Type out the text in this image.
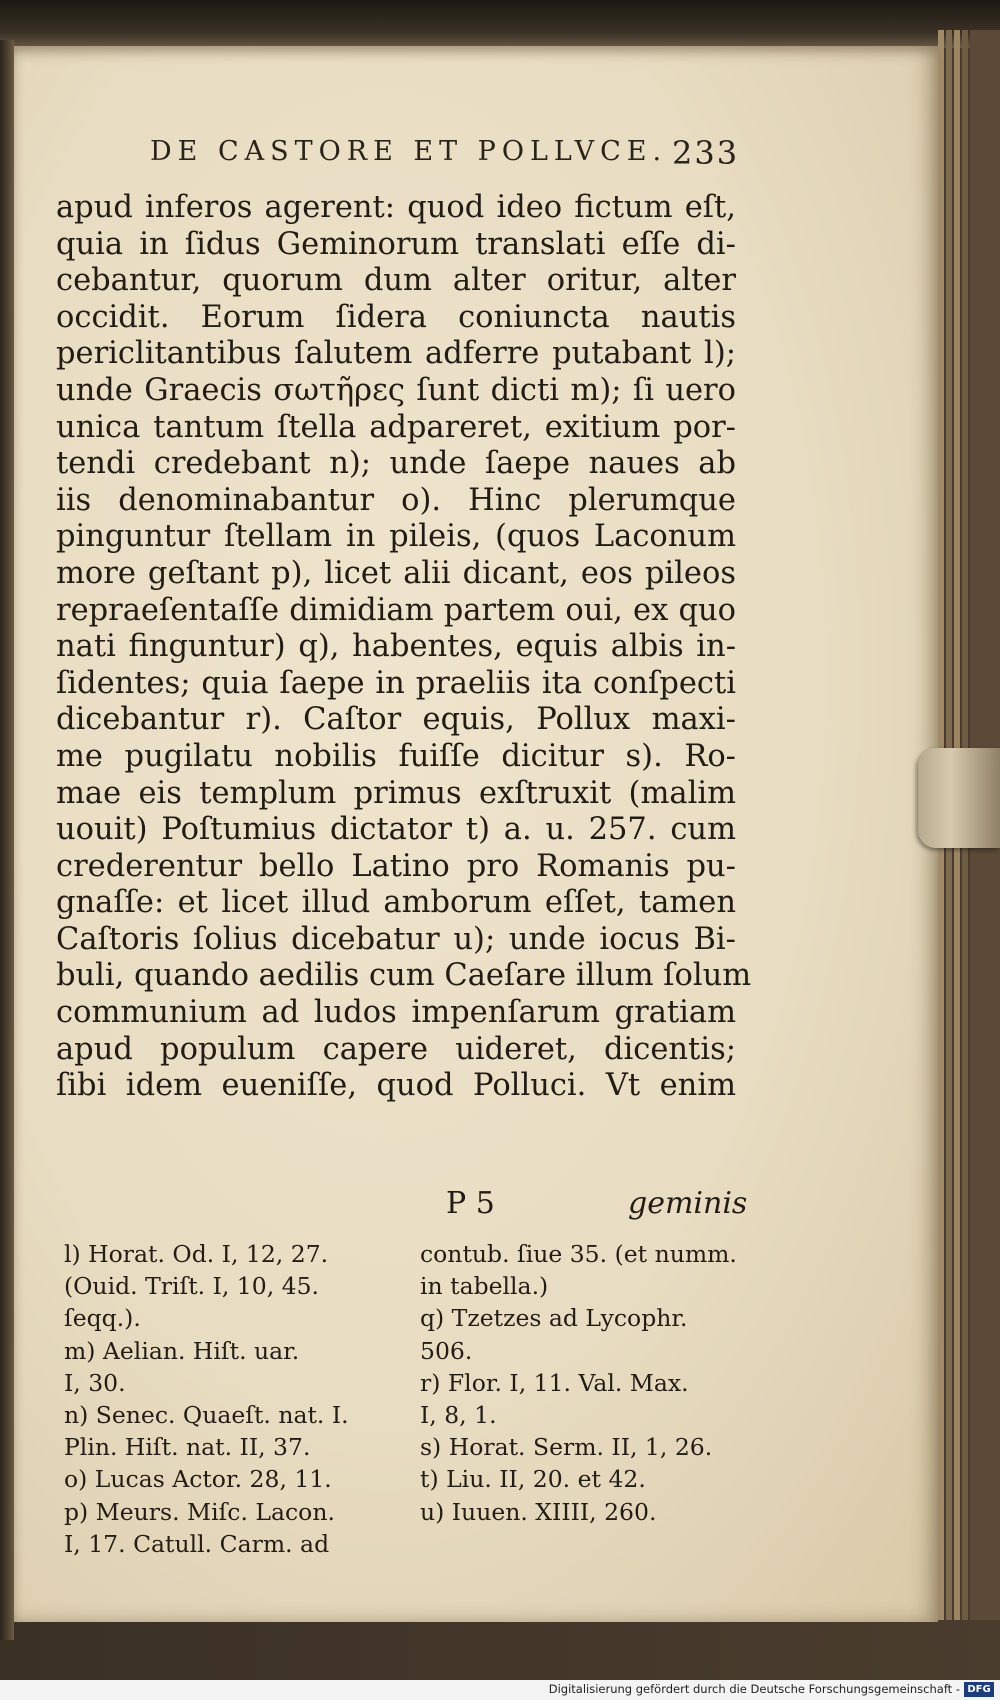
DE CASTORE ET POLLVCE. 233
apud inferos agerent: quod ideo fictum eſt,
quia in ſidus Geminorum translati eſſe di-
cebantur, quorum dum alter oritur, alter
occidit. Eorum ſidera coniuncta nautis
periclitantibus ſalutem adferre putabant l);
unde Graecis σωτῆρες ſunt dicti m); ſi uero
unica tantum ſtella adpareret, exitium por-
tendi credebant n); unde ſaepe naues ab
iis denominabantur o). Hinc plerumque
pinguntur ſtellam in pileis, (quos Laconum
more geſtant p), licet alii dicant, eos pileos
repraeſentaſſe dimidiam partem oui, ex quo
nati finguntur) q), habentes, equis albis in-
ſidentes; quia ſaepe in praeliis ita conſpecti
dicebantur r). Caſtor equis, Pollux maxi-
me pugilatu nobilis fuiſſe dicitur s). Ro-
mae eis templum primus exſtruxit (malim
uouit) Poſtumius dictator t) a. u. 257. cum
crederentur bello Latino pro Romanis pu-
gnaſſe: et licet illud amborum eſſet, tamen
Caſtoris ſolius dicebatur u); unde iocus Bi-
buli, quando aedilis cum Caeſare illum ſolum
communium ad ludos impenſarum gratiam
apud populum capere uideret, dicentis;
ſibi idem eueniſſe, quod Polluci. Vt enim
P 5	geminis
l) Horat. Od. I, 12, 27.
(Ouid. Triſt. I, 10, 45.
ſeqq.).
m) Aelian. Hiſt. uar.
I, 30.
n) Senec. Quaeſt. nat. I.
Plin. Hiſt. nat. II, 37.
o) Lucas Actor. 28, 11.
p) Meurs. Miſc. Lacon.
I, 17. Catull. Carm. ad
contub. ſiue 35. (et numm.
in tabella.)
q) Tzetzes ad Lycophr.
506.
r) Flor. I, 11. Val. Max.
I, 8, 1.
s) Horat. Serm. II, 1, 26.
t) Liu. II, 20. et 42.
u) Iuuen. XIIII, 260.
Digitalisierung gefördert durch die Deutsche Forschungsgemeinschaft - DFG
